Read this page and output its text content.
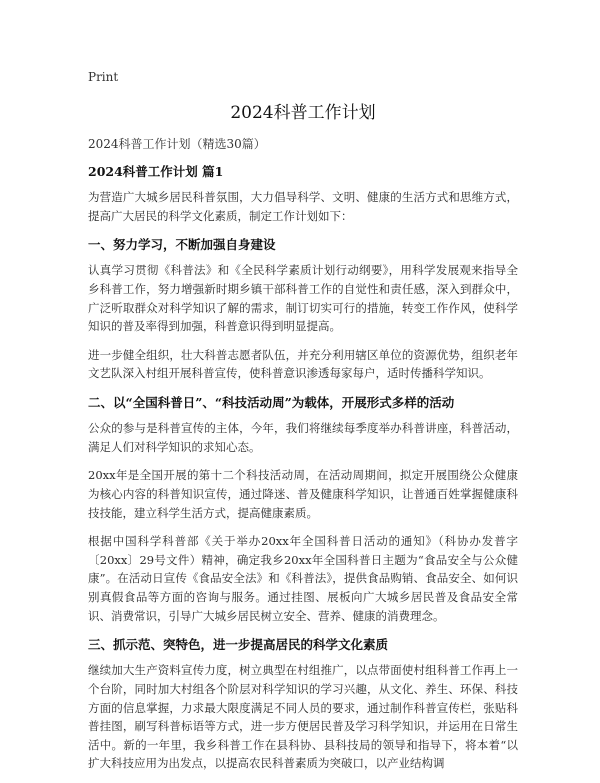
Print
2024科普工作计划

2024科普工作计划（精选30篇）

2024科普工作计划 篇1

为营造广大城乡居民科普氛围，大力倡导科学、文明、健康的生活方式和思维方式，提高广大居民的科学文化素质，制定工作计划如下：

一、努力学习，不断加强自身建设

认真学习贯彻《科普法》和《全民科学素质计划行动纲要》，用科学发展观来指导全乡科普工作，努力增强新时期乡镇干部科普工作的自觉性和责任感，深入到群众中，广泛听取群众对科学知识了解的需求，制订切实可行的措施，转变工作作风，使科学知识的普及率得到加强，科普意识得到明显提高。

进一步健全组织，壮大科普志愿者队伍，并充分利用辖区单位的资源优势，组织老年文艺队深入村组开展科普宣传，使科普意识渗透每家每户，适时传播科学知识。

二、以“全国科普日”、“科技活动周”为载体，开展形式多样的活动

公众的参与是科普宣传的主体，今年，我们将继续每季度举办科普讲座，科普活动，满足人们对科学知识的求知心态。

20xx年是全国开展的第十二个科技活动周，在活动周期间，拟定开展围绕公众健康为核心内容的科普知识宣传，通过降迷、普及健康科学知识，让普通百姓掌握健康科技技能，建立科学生活方式，提高健康素质。

根据中国科学科普部《关于举办20xx年全国科普日活动的通知》（科协办发普字〔20xx〕29号文件）精神，确定我乡20xx年全国科普日主题为“食品安全与公众健康”。在活动日宣传《食品安全法》和《科普法》，提供食品购销、食品安全、如何识别真假食品等方面的咨询与服务。通过挂图、展板向广大城乡居民普及食品安全常识、消费常识，引导广大城乡居民树立安全、营养、健康的消费理念。

三、抓示范、突特色，进一步提高居民的科学文化素质

继续加大生产资料宣传力度，树立典型在村组推广，以点带面使村组科普工作再上一个台阶，同时加大村组各个阶层对科学知识的学习兴趣，从文化、养生、环保、科技方面的信息掌握，力求最大限度满足不同人员的要求，通过制作科普宣传栏，张贴科普挂图，刷写科普标语等方式，进一步方便居民普及学习科学知识，并运用在日常生活中。新的一年里，我乡科普工作在县科协、县科技局的领导和指导下，将本着“以扩大科技应用为出发点，以提高农民科普素质为突破口，以产业结构调
